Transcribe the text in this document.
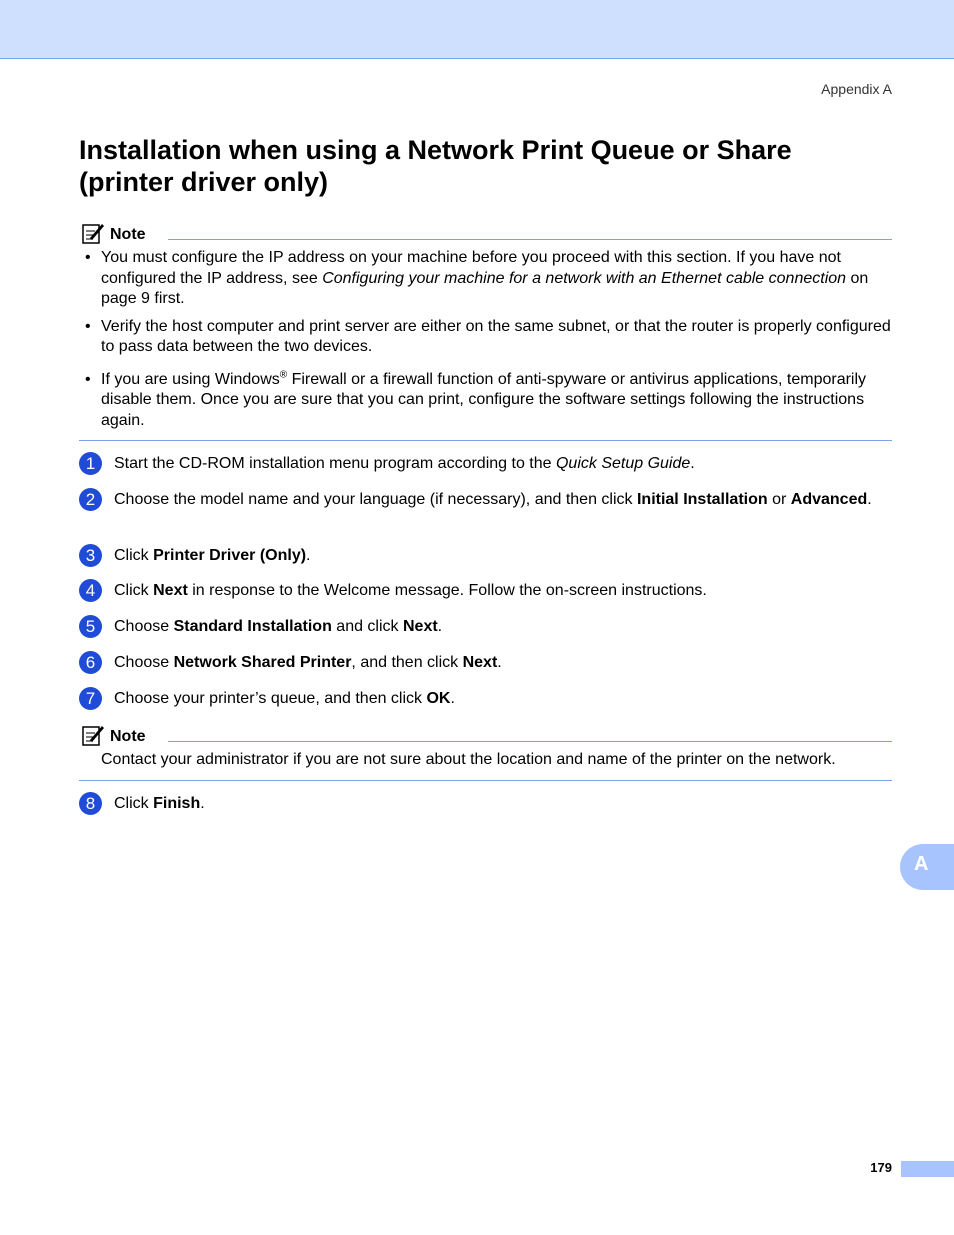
Appendix A
Installation when using a Network Print Queue or Share (printer driver only)
Note
• You must configure the IP address on your machine before you proceed with this section. If you have not configured the IP address, see Configuring your machine for a network with an Ethernet cable connection on page 9 first.
• Verify the host computer and print server are either on the same subnet, or that the router is properly configured to pass data between the two devices.
• If you are using Windows® Firewall or a firewall function of anti-spyware or antivirus applications, temporarily disable them. Once you are sure that you can print, configure the software settings following the instructions again.
1	Start the CD-ROM installation menu program according to the Quick Setup Guide.
2	Choose the model name and your language (if necessary), and then click Initial Installation or Advanced.
3	Click Printer Driver (Only).
4	Click Next in response to the Welcome message. Follow the on-screen instructions.
5	Choose Standard Installation and click Next.
6	Choose Network Shared Printer, and then click Next.
7	Choose your printer’s queue, and then click OK.
Note
Contact your administrator if you are not sure about the location and name of the printer on the network.
8	Click Finish.
A
179
